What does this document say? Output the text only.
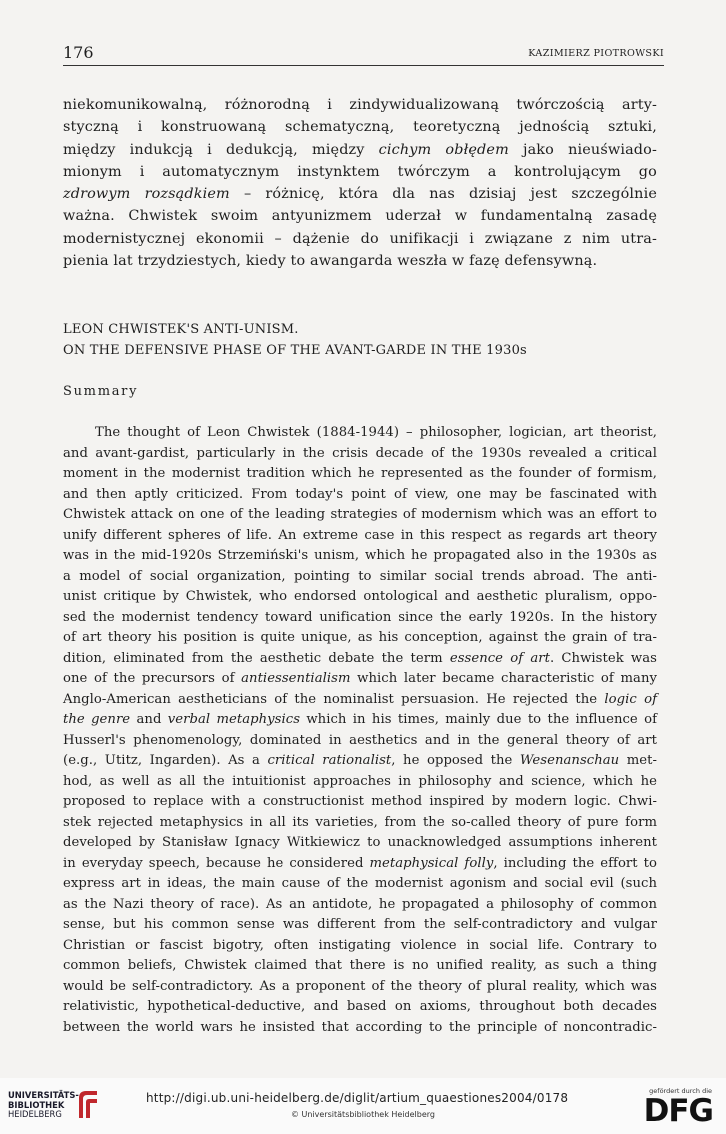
176	KAZIMIERZ PIOTROWSKI
niekomunikowalną, różnorodną i zindywidualizowaną twórczością arty-
styczną i konstruowaną schematyczną, teoretyczną jednością sztuki,
między indukcją i dedukcją, między cichym obłędem jako nieuświado-
mionym i automatycznym instynktem twórczym a kontrolującym go
zdrowym rozsądkiem – różnicę, która dla nas dzisiaj jest szczególnie
ważna. Chwistek swoim antyunizmem uderzał w fundamentalną zasadę
modernistycznej ekonomii – dążenie do unifikacji i związane z nim utra-
pienia lat trzydziestych, kiedy to awangarda weszła w fazę defensywną.
LEON CHWISTEK'S ANTI-UNISM.
ON THE DEFENSIVE PHASE OF THE AVANT-GARDE IN THE 1930s
Summary
The thought of Leon Chwistek (1884-1944) – philosopher, logician, art theorist,
and avant-gardist, particularly in the crisis decade of the 1930s revealed a critical
moment in the modernist tradition which he represented as the founder of formism,
and then aptly criticized. From today's point of view, one may be fascinated with
Chwistek attack on one of the leading strategies of modernism which was an effort to
unify different spheres of life. An extreme case in this respect as regards art theory
was in the mid-1920s Strzemiński's unism, which he propagated also in the 1930s as
a model of social organization, pointing to similar social trends abroad. The anti-
unist critique by Chwistek, who endorsed ontological and aesthetic pluralism, oppo-
sed the modernist tendency toward unification since the early 1920s. In the history
of art theory his position is quite unique, as his conception, against the grain of tra-
dition, eliminated from the aesthetic debate the term essence of art. Chwistek was
one of the precursors of antiessentialism which later became characteristic of many
Anglo-American aestheticians of the nominalist persuasion. He rejected the logic of
the genre and verbal metaphysics which in his times, mainly due to the influence of
Husserl's phenomenology, dominated in aesthetics and in the general theory of art
(e.g., Utitz, Ingarden). As a critical rationalist, he opposed the Wesenanschau met-
hod, as well as all the intuitionist approaches in philosophy and science, which he
proposed to replace with a constructionist method inspired by modern logic. Chwi-
stek rejected metaphysics in all its varieties, from the so-called theory of pure form
developed by Stanisław Ignacy Witkiewicz to unacknowledged assumptions inherent
in everyday speech, because he considered metaphysical folly, including the effort to
express art in ideas, the main cause of the modernist agonism and social evil (such
as the Nazi theory of race). As an antidote, he propagated a philosophy of common
sense, but his common sense was different from the self-contradictory and vulgar
Christian or fascist bigotry, often instigating violence in social life. Contrary to
common beliefs, Chwistek claimed that there is no unified reality, as such a thing
would be self-contradictory. As a proponent of the theory of plural reality, which was
relativistic, hypothetical-deductive, and based on axioms, throughout both decades
between the world wars he insisted that according to the principle of noncontradic-
UNIVERSITÄTS-
BIBLIOTHEK
HEIDELBERG
http://digi.ub.uni-heidelberg.de/diglit/artium_quaestiones2004/0178
© Universitätsbibliothek Heidelberg
gefördert durch die
DFG
